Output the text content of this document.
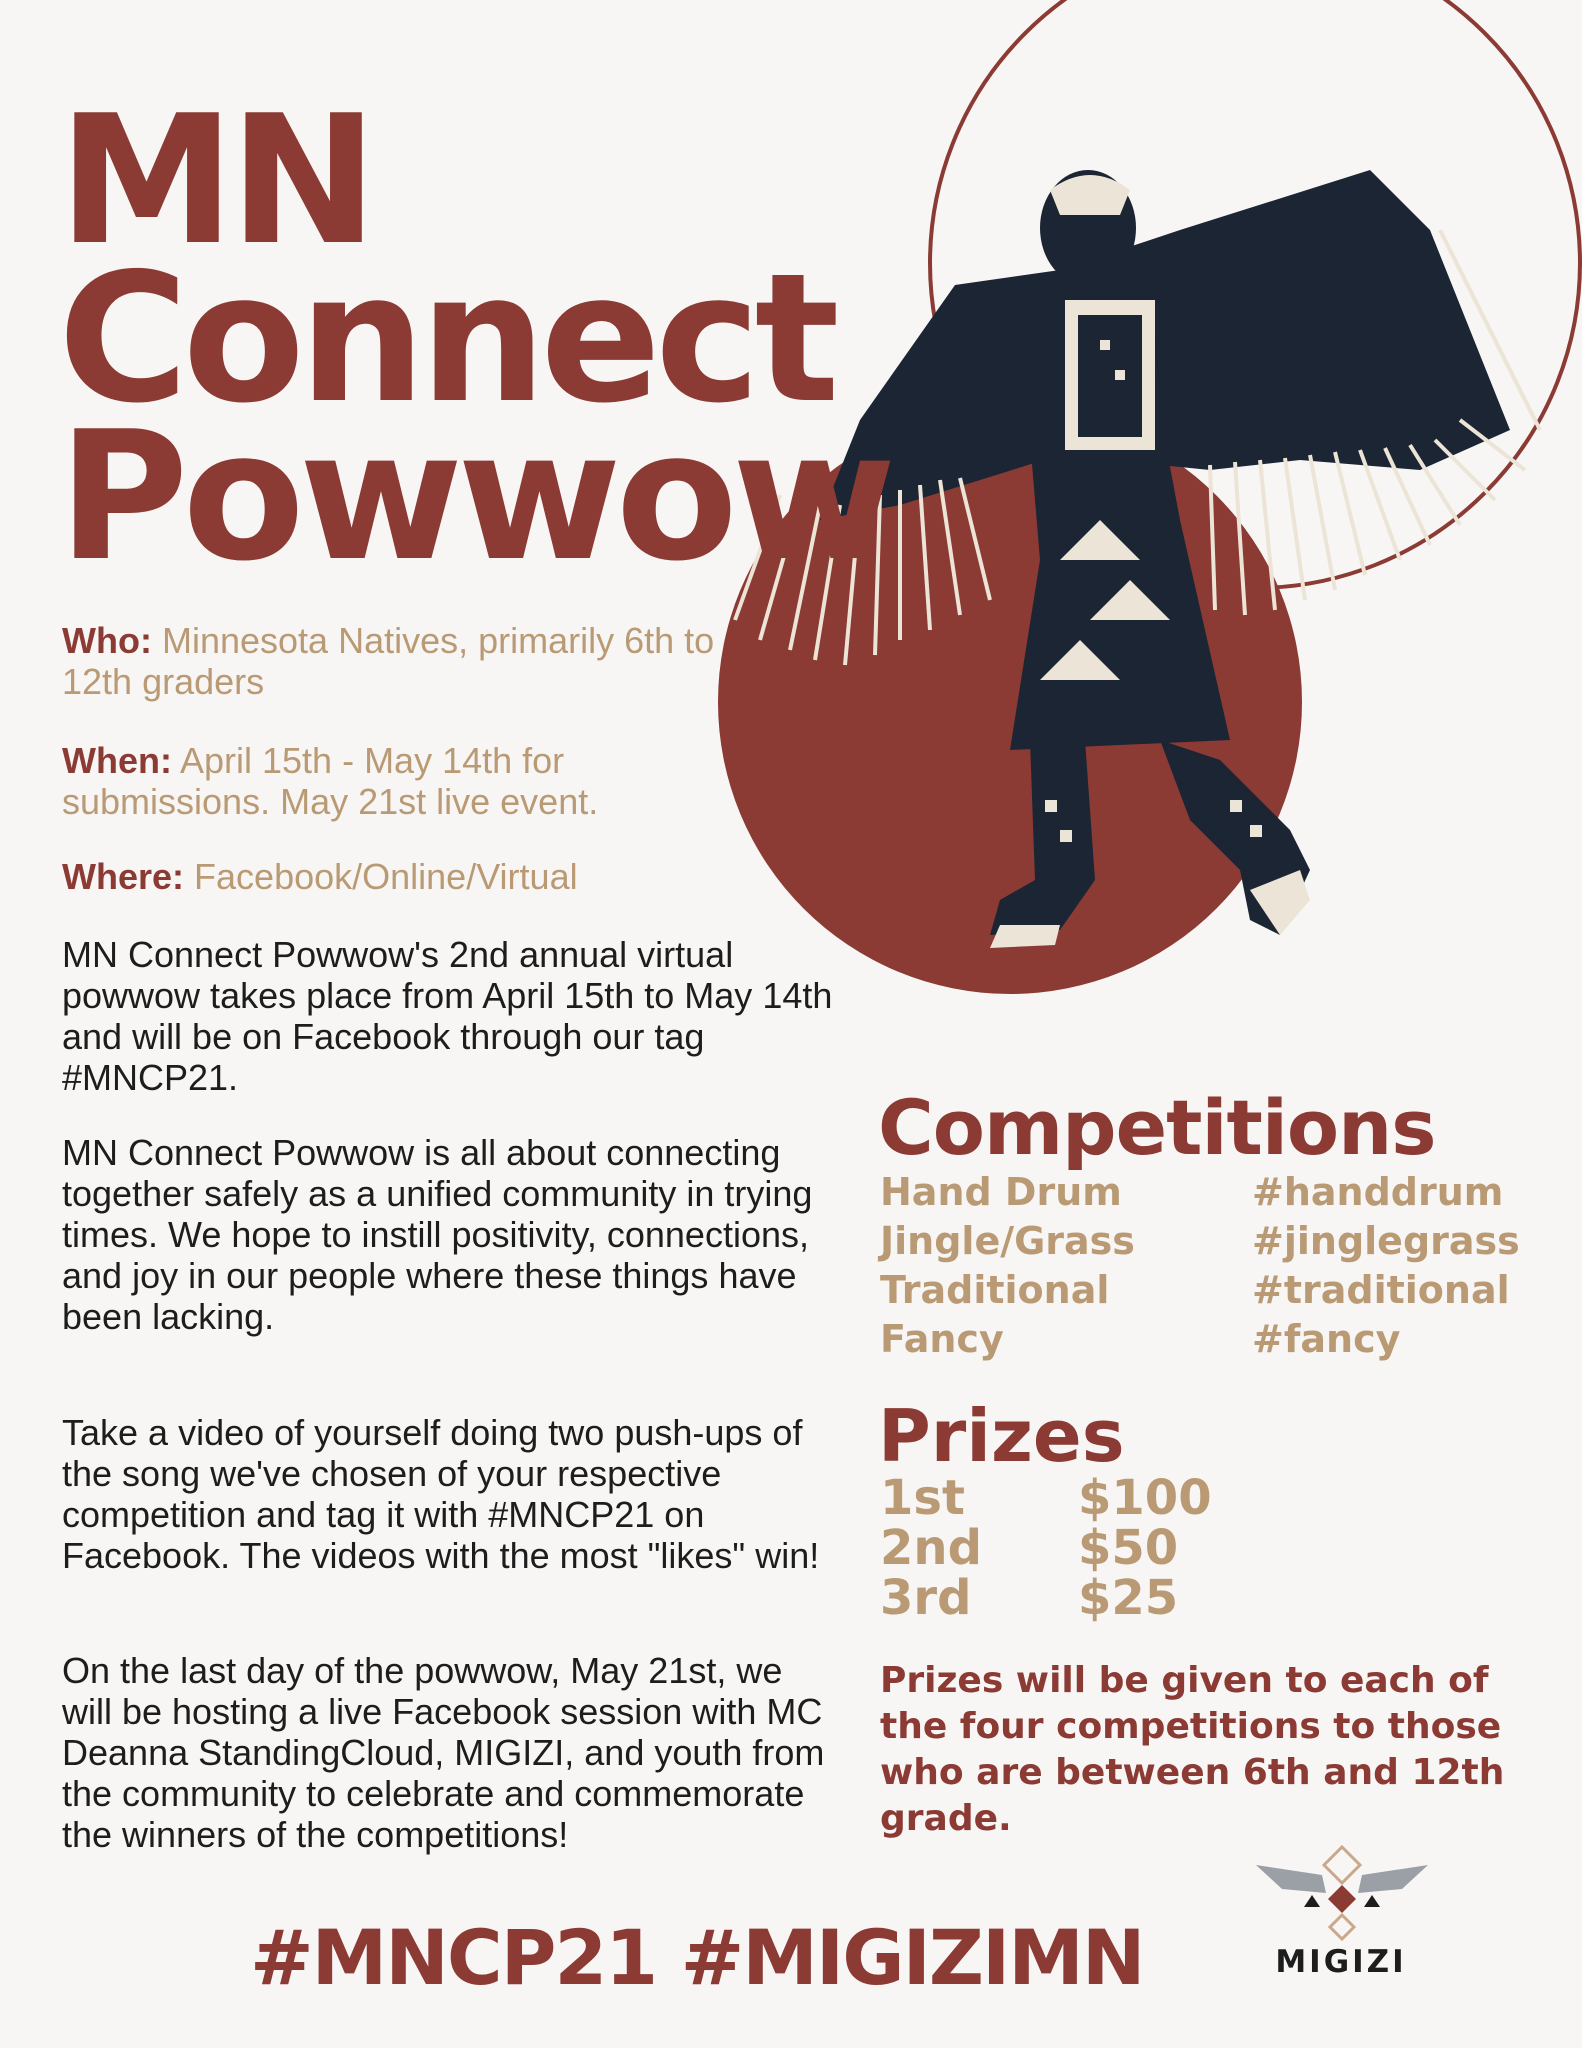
MN
Connect
Powwow
Who: Minnesota Natives, primarily 6th to 12th graders
When: April 15th - May 14th for submissions. May 21st live event.
Where: Facebook/Online/Virtual
MN Connect Powwow's 2nd annual virtual powwow takes place from April 15th to May 14th and will be on Facebook through our tag #MNCP21.
MN Connect Powwow is all about connecting together safely as a unified community in trying times. We hope to instill positivity, connections, and joy in our people where these things have been lacking.
Take a video of yourself doing two push-ups of the song we've chosen of your respective competition and tag it with #MNCP21 on Facebook. The videos with the most "likes" win!
On the last day of the powwow, May 21st, we will be hosting a live Facebook session with MC Deanna StandingCloud, MIGIZI, and youth from the community to celebrate and commemorate the winners of the competitions!
Competitions
Hand Drum	#handdrum
Jingle/Grass	#jinglegrass
Traditional	#traditional
Fancy	#fancy
Prizes
1st	$100
2nd	$50
3rd	$25
Prizes will be given to each of the four competitions to those who are between 6th and 12th grade.
#MNCP21 #MIGIZIMN	MIGIZI
